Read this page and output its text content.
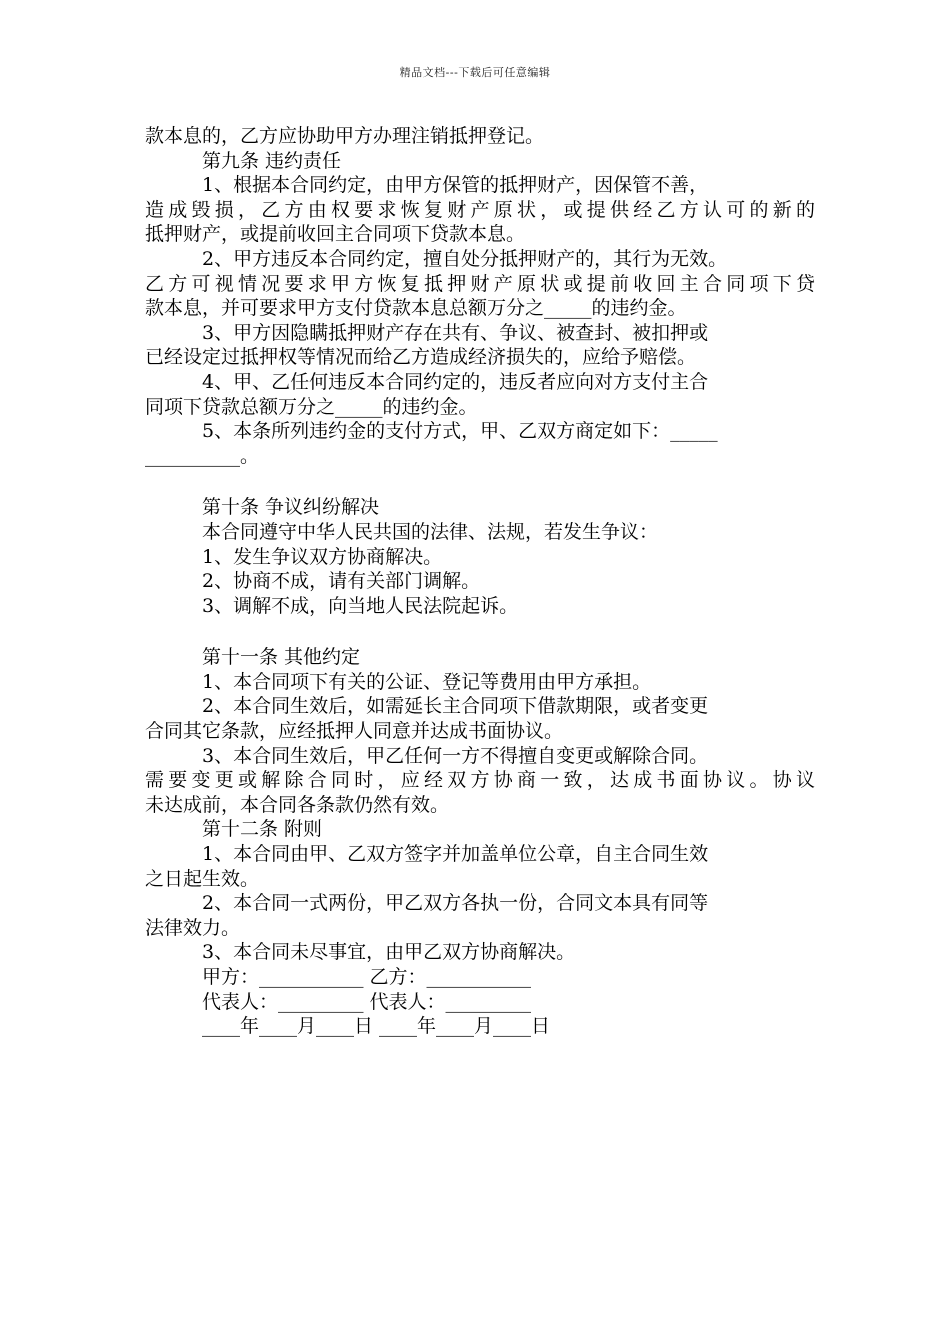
精品文档---下载后可任意编辑
款本息的，乙方应协助甲方办理注销抵押登记。
第九条 违约责任
1、根据本合同约定，由甲方保管的抵押财产，因保管不善，
造成毁损，乙方由权要求恢复财产原状，或提供经乙方认可的新的
抵押财产，或提前收回主合同项下贷款本息。
2、甲方违反本合同约定，擅自处分抵押财产的，其行为无效。
乙方可视情况要求甲方恢复抵押财产原状或提前收回主合同项下贷
款本息，并可要求甲方支付贷款本息总额万分之_____的违约金。
3、甲方因隐瞒抵押财产存在共有、争议、被查封、被扣押或
已经设定过抵押权等情况而给乙方造成经济损失的，应给予赔偿。
4、甲、乙任何违反本合同约定的，违反者应向对方支付主合
同项下贷款总额万分之_____的违约金。
5、本条所列违约金的支付方式，甲、乙双方商定如下：_____
__________。
第十条 争议纠纷解决
本合同遵守中华人民共国的法律、法规，若发生争议：
1、发生争议双方协商解决。
2、协商不成，请有关部门调解。
3、调解不成，向当地人民法院起诉。
第十一条 其他约定
1、本合同项下有关的公证、登记等费用由甲方承担。
2、本合同生效后，如需延长主合同项下借款期限，或者变更
合同其它条款，应经抵押人同意并达成书面协议。
3、本合同生效后，甲乙任何一方不得擅自变更或解除合同。
需要变更或解除合同时，应经双方协商一致，达成书面协议。协议
未达成前，本合同各条款仍然有效。
第十二条 附则
1、本合同由甲、乙双方签字并加盖单位公章，自主合同生效
之日起生效。
2、本合同一式两份，甲乙双方各执一份，合同文本具有同等
法律效力。
3、本合同未尽事宜，由甲乙双方协商解决。
甲方：___________ 乙方：___________
代表人：_________ 代表人：_________
____年____月____日 ____年____月____日
